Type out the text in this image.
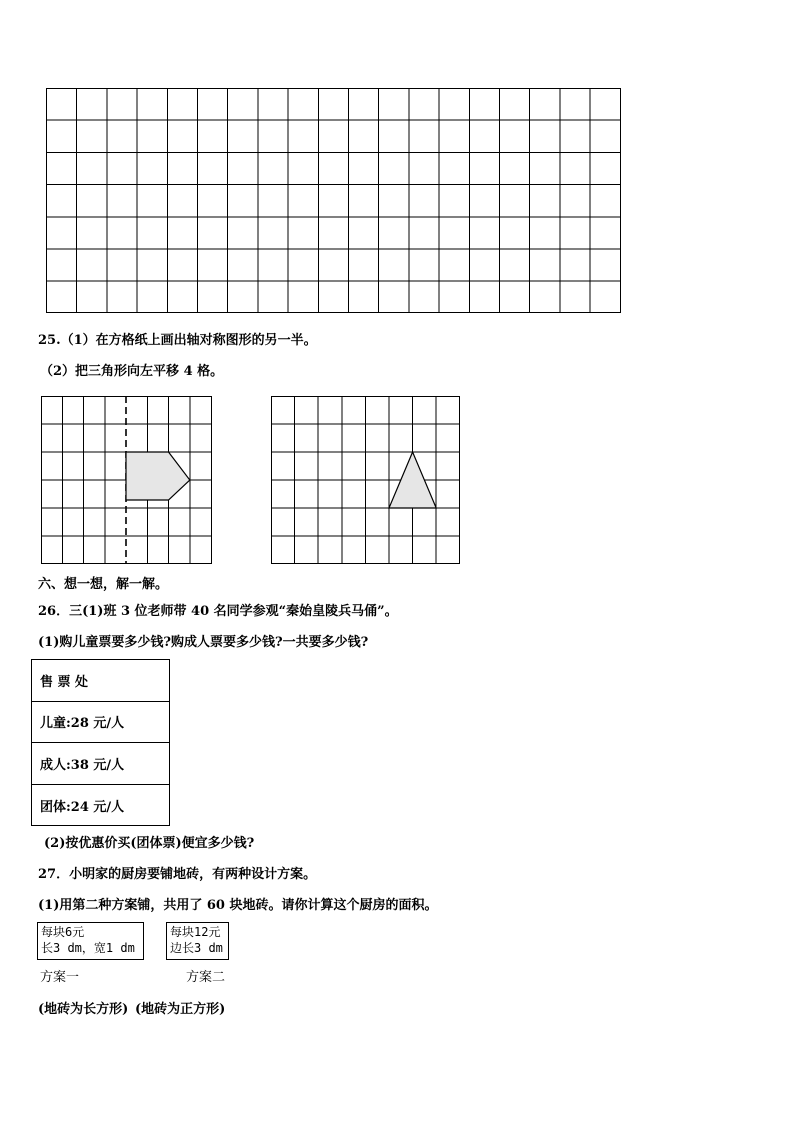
25.（1）在方格纸上画出轴对称图形的另一半。
（2）把三角形向左平移 4 格。
六、想一想，解一解。
26．三(1)班 3 位老师带 40 名同学参观“秦始皇陵兵马俑”。
(1)购儿童票要多少钱?购成人票要多少钱?一共要多少钱?
售 票 处
儿童:28 元/人
成人:38 元/人
团体:24 元/人
(2)按优惠价买(团体票)便宜多少钱?
27．小明家的厨房要铺地砖，有两种设计方案。
(1)用第二种方案铺，共用了 60 块地砖。请你计算这个厨房的面积。
每块6元
长3 dm，宽1 dm
每块12元
边长3 dm
方案一	方案二
(地砖为长方形) (地砖为正方形)
